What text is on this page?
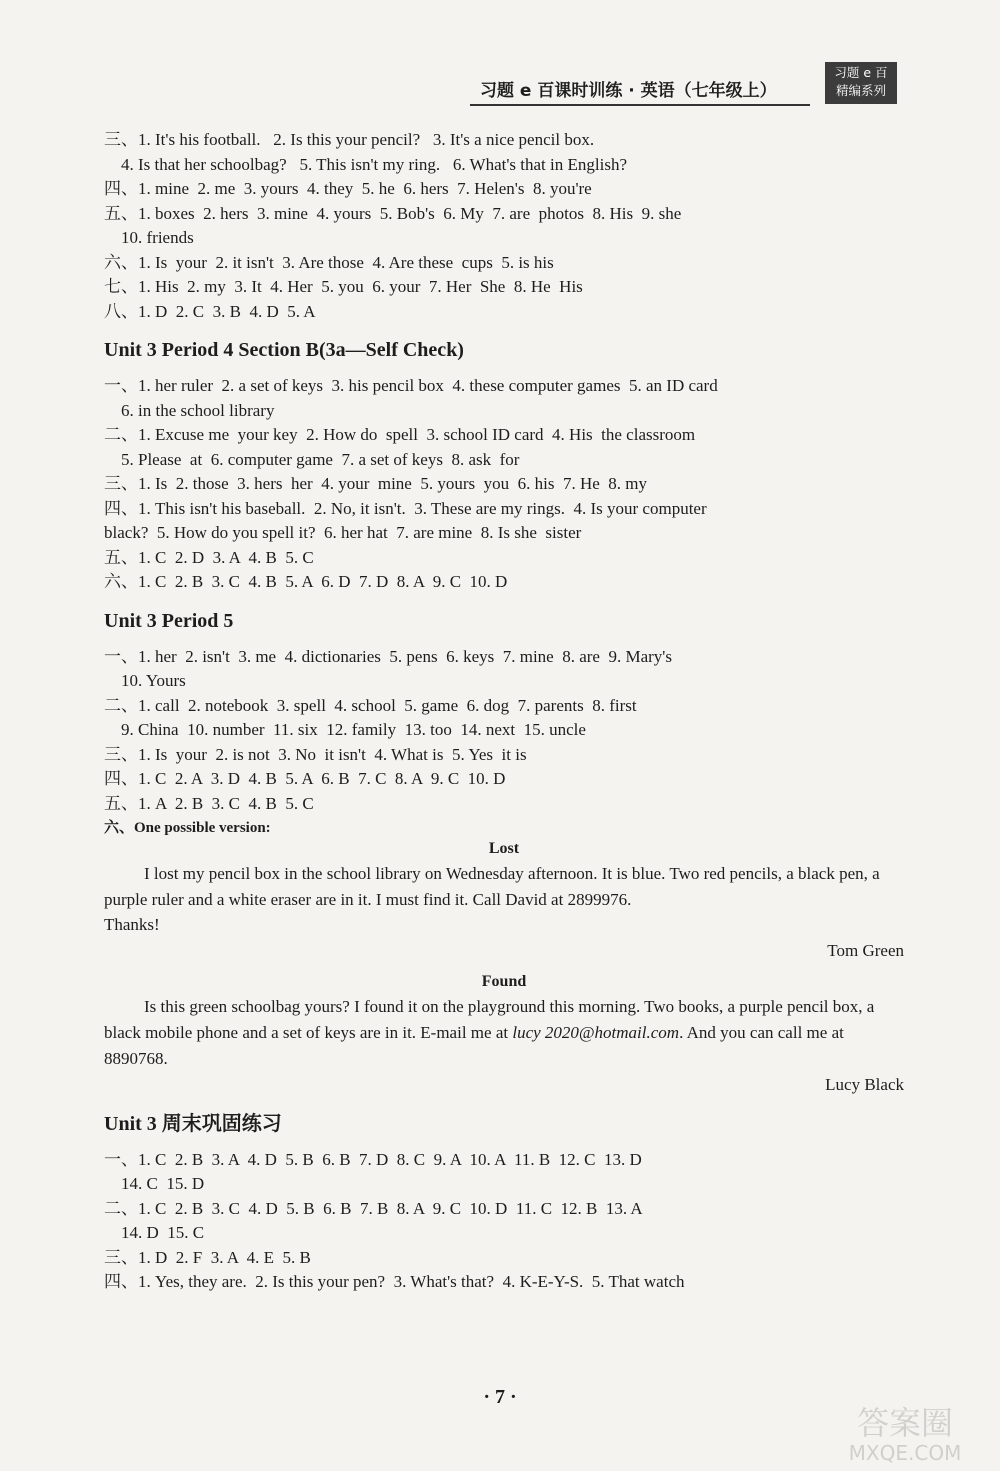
习题 e 百课时训练 · 英语（七年级上）
习题 e 百
精编系列
三、1. It's his football.   2. Is this your pencil?   3. It's a nice pencil box.
4. Is that her schoolbag?   5. This isn't my ring.   6. What's that in English?
四、1. mine  2. me  3. yours  4. they  5. he  6. hers  7. Helen's  8. you're
五、1. boxes  2. hers  3. mine  4. yours  5. Bob's  6. My  7. are  photos  8. His  9. she
10. friends
六、1. Is  your  2. it isn't  3. Are those  4. Are these  cups  5. is his
七、1. His  2. my  3. It  4. Her  5. you  6. your  7. Her  She  8. He  His
八、1. D  2. C  3. B  4. D  5. A
Unit 3 Period 4 Section B(3a—Self Check)
一、1. her ruler  2. a set of keys  3. his pencil box  4. these computer games  5. an ID card
6. in the school library
二、1. Excuse me  your key  2. How do  spell  3. school ID card  4. His  the classroom
5. Please  at  6. computer game  7. a set of keys  8. ask  for
三、1. Is  2. those  3. hers  her  4. your  mine  5. yours  you  6. his  7. He  8. my
四、1. This isn't his baseball.  2. No, it isn't.  3. These are my rings.  4. Is your computer
black?  5. How do you spell it?  6. her hat  7. are mine  8. Is she  sister
五、1. C  2. D  3. A  4. B  5. C
六、1. C  2. B  3. C  4. B  5. A  6. D  7. D  8. A  9. C  10. D
Unit 3 Period 5
一、1. her  2. isn't  3. me  4. dictionaries  5. pens  6. keys  7. mine  8. are  9. Mary's
10. Yours
二、1. call  2. notebook  3. spell  4. school  5. game  6. dog  7. parents  8. first
9. China  10. number  11. six  12. family  13. too  14. next  15. uncle
三、1. Is  your  2. is not  3. No  it isn't  4. What is  5. Yes  it is
四、1. C  2. A  3. D  4. B  5. A  6. B  7. C  8. A  9. C  10. D
五、1. A  2. B  3. C  4. B  5. C
六、One possible version:
Lost
I lost my pencil box in the school library on Wednesday afternoon. It is blue. Two red pencils, a black pen, a purple ruler and a white eraser are in it. I must find it. Call David at 2899976.
Thanks!
Tom Green
Found
Is this green schoolbag yours? I found it on the playground this morning. Two books, a purple pencil box, a black mobile phone and a set of keys are in it. E-mail me at lucy 2020@hotmail.com. And you can call me at 8890768.
Lucy Black
Unit 3 周末巩固练习
一、1. C  2. B  3. A  4. D  5. B  6. B  7. D  8. C  9. A  10. A  11. B  12. C  13. D
14. C  15. D
二、1. C  2. B  3. C  4. D  5. B  6. B  7. B  8. A  9. C  10. D  11. C  12. B  13. A
14. D  15. C
三、1. D  2. F  3. A  4. E  5. B
四、1. Yes, they are.  2. Is this your pen?  3. What's that?  4. K-E-Y-S.  5. That watch
· 7 ·
答案圈
MXQE.COM
